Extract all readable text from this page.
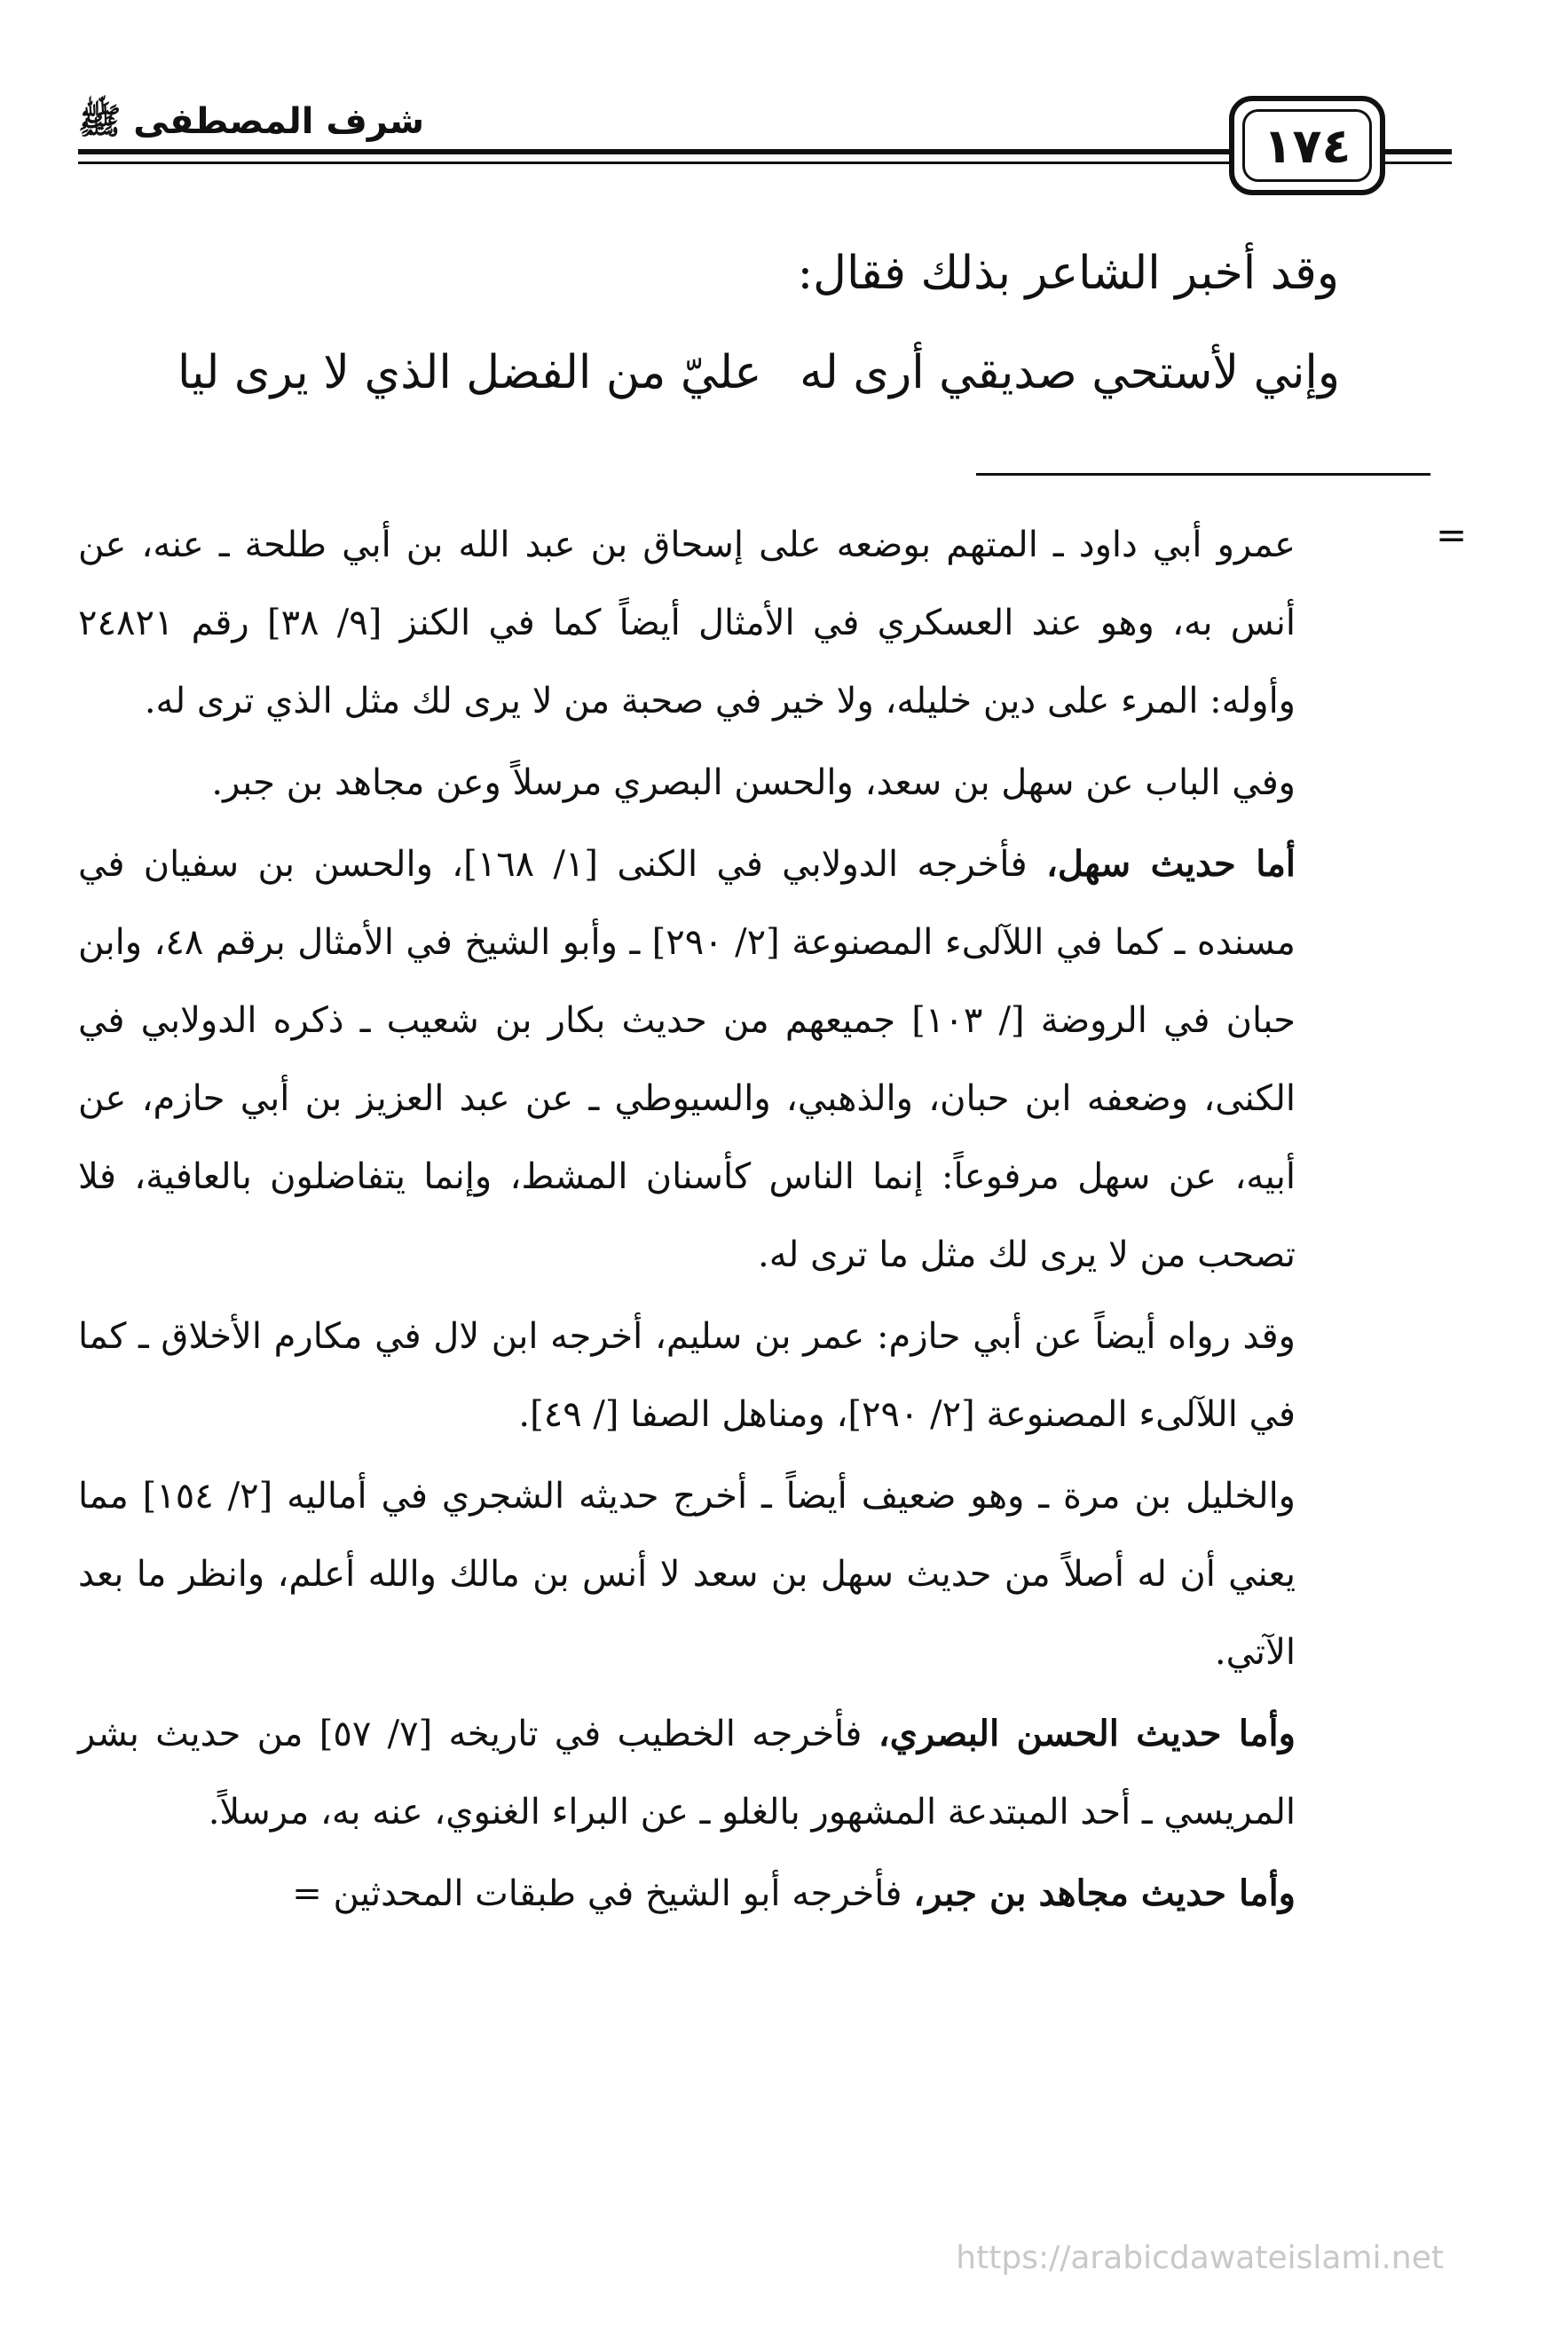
شرف المصطفى ﷺ	١٧٤
وقد أخبر الشاعر بذلك فقال:
وإني لأستحي صديقي أرى له
عليّ من الفضل الذي لا يرى ليا
=

عمرو أبي داود ـ المتهم بوضعه على إسحاق بن عبد الله بن أبي طلحة ـ عنه، عن أنس به، وهو عند العسكري في الأمثال أيضاً كما في الكنز [٩/ ٣٨] رقم ٢٤٨٢١ وأوله: المرء على دين خليله، ولا خير في صحبة من لا يرى لك مثل الذي ترى له.

وفي الباب عن سهل بن سعد، والحسن البصري مرسلاً وعن مجاهد بن جبر.

أما حديث سهل، فأخرجه الدولابي في الكنى [١/ ١٦٨]، والحسن بن سفيان في مسنده ـ كما في اللآلىء المصنوعة [٢/ ٢٩٠] ـ وأبو الشيخ في الأمثال برقم ٤٨، وابن حبان في الروضة [/ ١٠٣] جميعهم من حديث بكار بن شعيب ـ ذكره الدولابي في الكنى، وضعفه ابن حبان، والذهبي، والسيوطي ـ عن عبد العزيز بن أبي حازم، عن أبيه، عن سهل مرفوعاً: إنما الناس كأسنان المشط، وإنما يتفاضلون بالعافية، فلا تصحب من لا يرى لك مثل ما ترى له.

وقد رواه أيضاً عن أبي حازم: عمر بن سليم، أخرجه ابن لال في مكارم الأخلاق ـ كما في اللآلىء المصنوعة [٢/ ٢٩٠]، ومناهل الصفا [/ ٤٩].

والخليل بن مرة ـ وهو ضعيف أيضاً ـ أخرج حديثه الشجري في أماليه [٢/ ١٥٤] مما يعني أن له أصلاً من حديث سهل بن سعد لا أنس بن مالك والله أعلم، وانظر ما بعد الآتي.

وأما حديث الحسن البصري، فأخرجه الخطيب في تاريخه [٧/ ٥٧] من حديث بشر المريسي ـ أحد المبتدعة المشهور بالغلو ـ عن البراء الغنوي، عنه به، مرسلاً.

وأما حديث مجاهد بن جبر، فأخرجه أبو الشيخ في طبقات المحدثين =

https://arabicdawateislami.net
